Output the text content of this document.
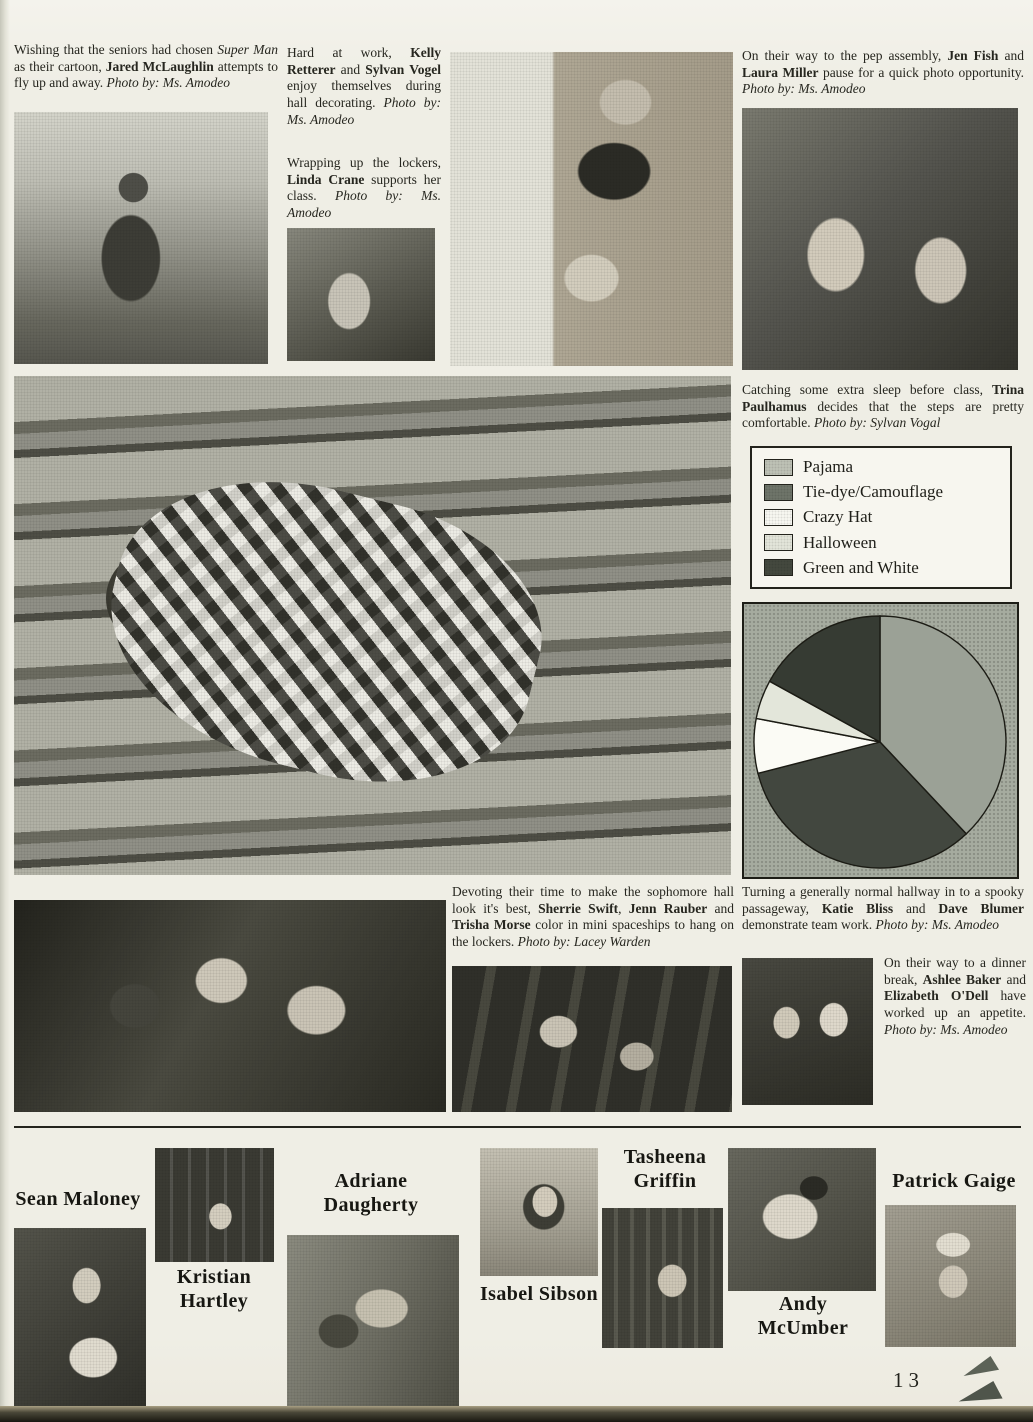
Wishing that the seniors had chosen Super Man as their cartoon, Jared McLaughlin attempts to fly up and away. Photo by: Ms. Amodeo

Hard at work, Kelly Retterer and Sylvan Vogel enjoy themselves during hall decorating. Photo by: Ms. Amodeo

Wrapping up the lockers, Linda Crane supports her class. Photo by: Ms. Amodeo

On their way to the pep assembly, Jen Fish and Laura Miller pause for a quick photo opportunity. Photo by: Ms. Amodeo

Catching some extra sleep before class, Trina Paulhamus decides that the steps are pretty comfortable. Photo by: Sylvan Vogal

Pajama
Tie-dye/Camouflage
Crazy Hat
Halloween
Green and White

Devoting their time to make the sophomore hall look it's best, Sherrie Swift, Jenn Rauber and Trisha Morse color in mini spaceships to hang on the lockers. Photo by: Lacey Warden

Turning a generally normal hallway in to a spooky passageway, Katie Bliss and Dave Blumer demonstrate team work. Photo by: Ms. Amodeo

On their way to a dinner break, Ashlee Baker and Elizabeth O'Dell have worked up an appetite. Photo by: Ms. Amodeo

Sean Maloney

Kristian Hartley

Adriane Daugherty

Isabel Sibson

Tasheena Griffin

Andy McUmber

Patrick Gaige

13
